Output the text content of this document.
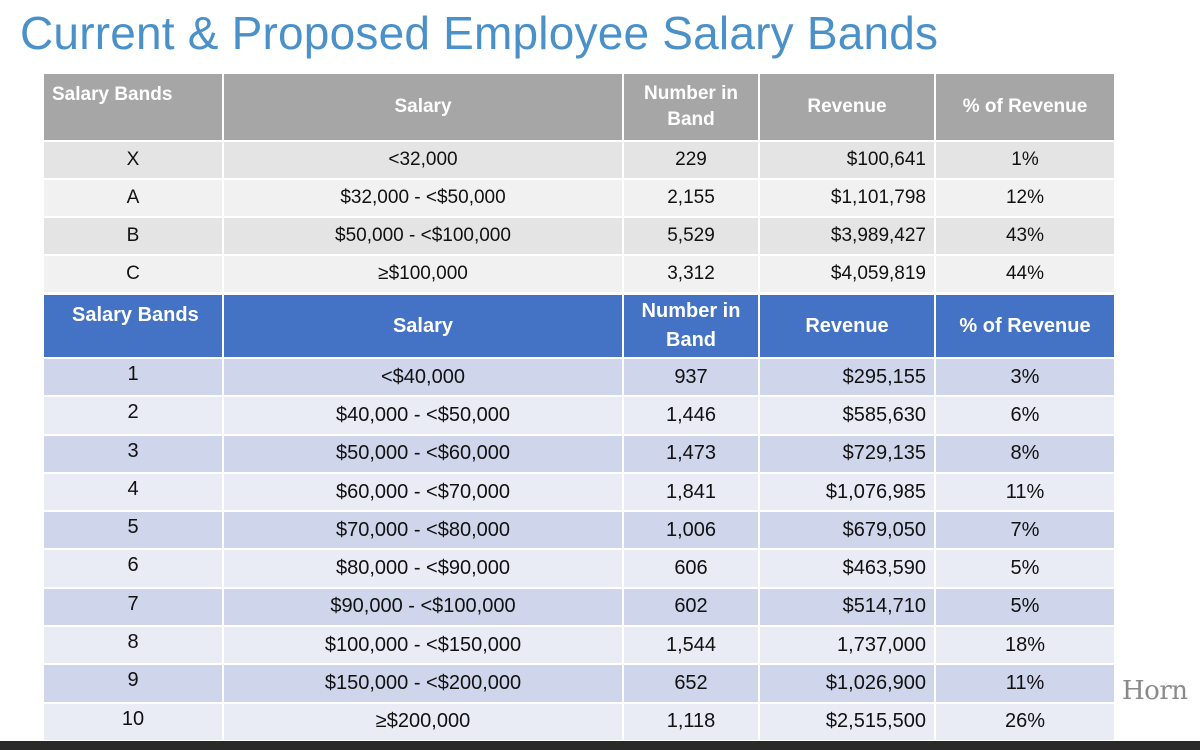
Current & Proposed Employee Salary Bands
Salary Bands	Salary	Number in Band	Revenue	% of Revenue
X	<32,000	229	$100,641	1%
A	$32,000 - <$50,000	2,155	$1,101,798	12%
B	$50,000 - <$100,000	5,529	$3,989,427	43%
C	≥$100,000	3,312	$4,059,819	44%
Salary Bands	Salary	Number in Band	Revenue	% of Revenue
1	<$40,000	937	$295,155	3%
2	$40,000 - <$50,000	1,446	$585,630	6%
3	$50,000 - <$60,000	1,473	$729,135	8%
4	$60,000 - <$70,000	1,841	$1,076,985	11%
5	$70,000 - <$80,000	1,006	$679,050	7%
6	$80,000 - <$90,000	606	$463,590	5%
7	$90,000 - <$100,000	602	$514,710	5%
8	$100,000 - <$150,000	1,544	1,737,000	18%
9	$150,000 - <$200,000	652	$1,026,900	11%
10	≥$200,000	1,118	$2,515,500	26%
Horn
